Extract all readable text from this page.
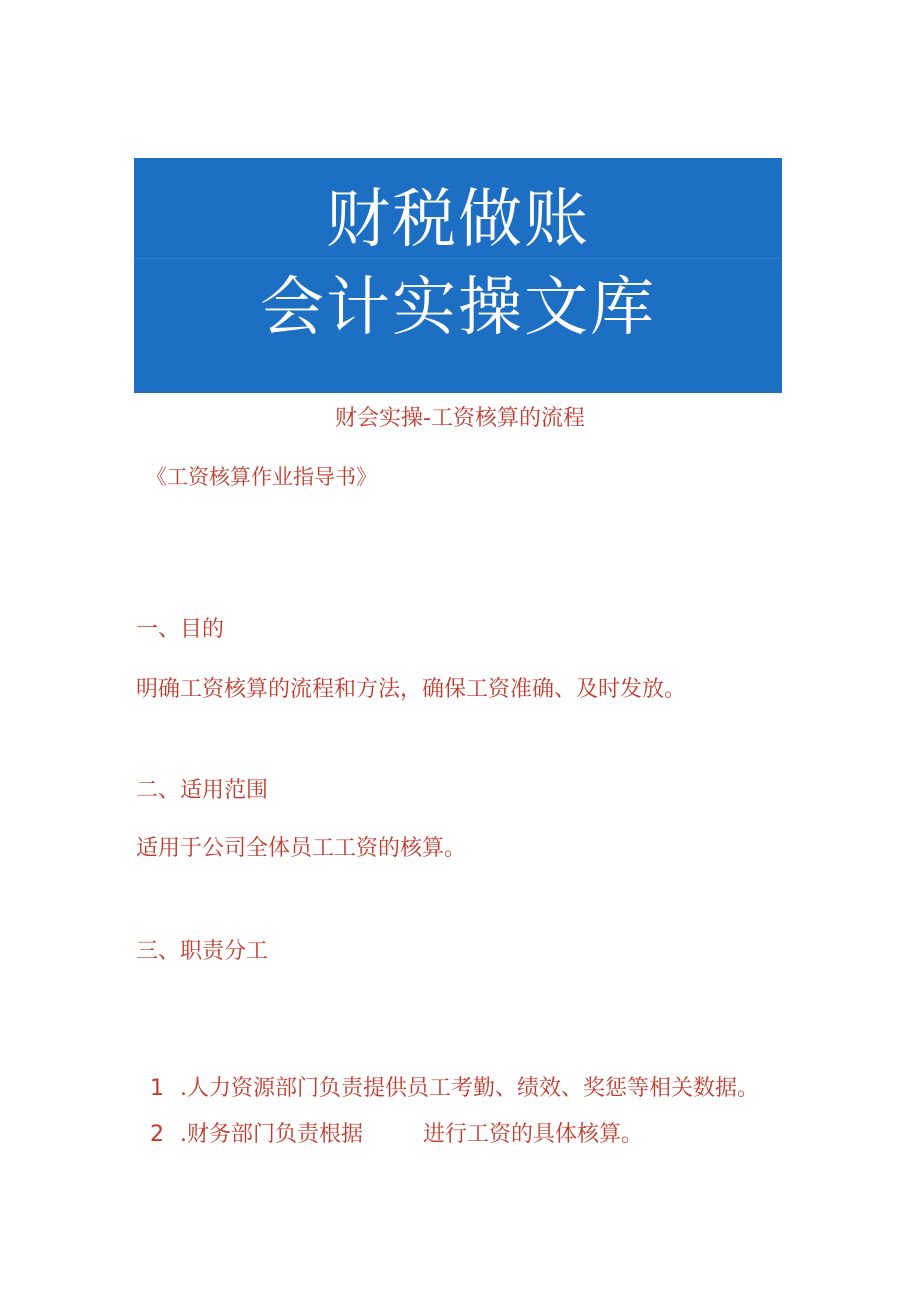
财税做账
会计实操文库
财会实操-工资核算的流程
《工资核算作业指导书》
一、目的
明确工资核算的流程和方法，确保工资准确、及时发放。
二、适用范围
适用于公司全体员工工资的核算。
三、职责分工

1 .人力资源部门负责提供员工考勤、绩效、奖惩等相关数据。

2 .财务部门负责根据	进行工资的具体核算。
